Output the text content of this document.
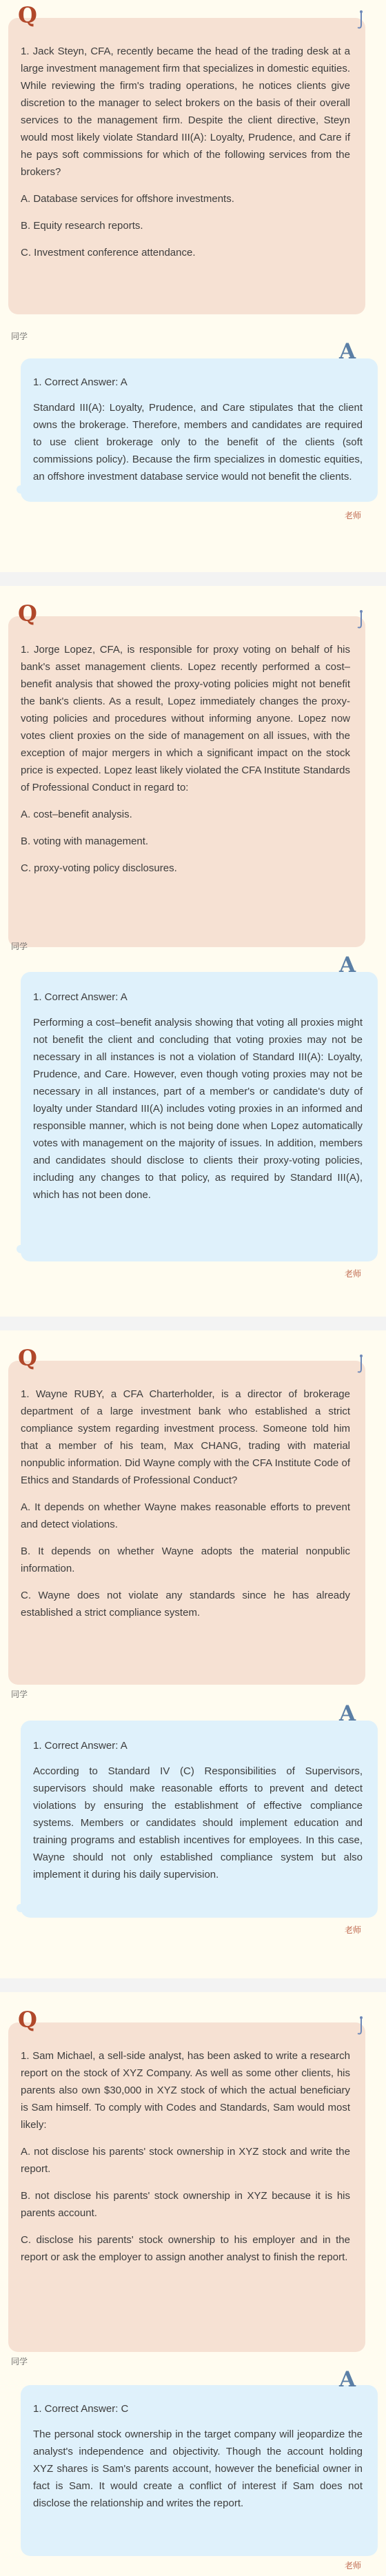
Q

1. Jack Steyn, CFA, recently became the head of the trading desk at a large investment management firm that specializes in domestic equities. While reviewing the firm's trading operations, he notices clients give discretion to the manager to select brokers on the basis of their overall services to the management firm. Despite the client directive, Steyn would most likely violate Standard III(A): Loyalty, Prudence, and Care if he pays soft commissions for which of the following services from the brokers?

A. Database services for offshore investments.

B. Equity research reports.

C. Investment conference attendance.

同学
A

1. Correct Answer: A

Standard III(A): Loyalty, Prudence, and Care stipulates that the client owns the brokerage. Therefore, members and candidates are required to use client brokerage only to the benefit of the clients (soft commissions policy). Because the firm specializes in domestic equities, an offshore investment database service would not benefit the clients.

老师
Q

1. Jorge Lopez, CFA, is responsible for proxy voting on behalf of his bank's asset management clients. Lopez recently performed a cost–benefit analysis that showed the proxy-voting policies might not benefit the bank's clients. As a result, Lopez immediately changes the proxy-voting policies and procedures without informing anyone. Lopez now votes client proxies on the side of management on all issues, with the exception of major mergers in which a significant impact on the stock price is expected. Lopez least likely violated the CFA Institute Standards of Professional Conduct in regard to:

A. cost–benefit analysis.

B. voting with management.

C. proxy-voting policy disclosures.

同学
A

1. Correct Answer: A

Performing a cost–benefit analysis showing that voting all proxies might not benefit the client and concluding that voting proxies may not be necessary in all instances is not a violation of Standard III(A): Loyalty, Prudence, and Care. However, even though voting proxies may not be necessary in all instances, part of a member's or candidate's duty of loyalty under Standard III(A) includes voting proxies in an informed and responsible manner, which is not being done when Lopez automatically votes with management on the majority of issues. In addition, members and candidates should disclose to clients their proxy-voting policies, including any changes to that policy, as required by Standard III(A), which has not been done.

老师
Q

1. Wayne RUBY, a CFA Charterholder, is a director of brokerage department of a large investment bank who established a strict compliance system regarding investment process. Someone told him that a member of his team, Max CHANG, trading with material nonpublic information. Did Wayne comply with the CFA Institute Code of Ethics and Standards of Professional Conduct?

A. It depends on whether Wayne makes reasonable efforts to prevent and detect violations.

B. It depends on whether Wayne adopts the material nonpublic information.

C. Wayne does not violate any standards since he has already established a strict compliance system.

同学
A

1. Correct Answer: A

According to Standard IV (C) Responsibilities of Supervisors, supervisors should make reasonable efforts to prevent and detect violations by ensuring the establishment of effective compliance systems. Members or candidates should implement education and training programs and establish incentives for employees. In this case, Wayne should not only established compliance system but also implement it during his daily supervision.

老师
Q

1. Sam Michael, a sell-side analyst, has been asked to write a research report on the stock of XYZ Company. As well as some other clients, his parents also own $30,000 in XYZ stock of which the actual beneficiary is Sam himself. To comply with Codes and Standards, Sam would most likely:

A. not disclose his parents' stock ownership in XYZ stock and write the report.

B. not disclose his parents' stock ownership in XYZ because it is his parents account.

C. disclose his parents' stock ownership to his employer and in the report or ask the employer to assign another analyst to finish the report.

同学
A

1. Correct Answer: C

The personal stock ownership in the target company will jeopardize the analyst's independence and objectivity. Though the account holding XYZ shares is Sam's parents account, however the beneficial owner in fact is Sam. It would create a conflict of interest if Sam does not disclose the relationship and writes the report.

老师
